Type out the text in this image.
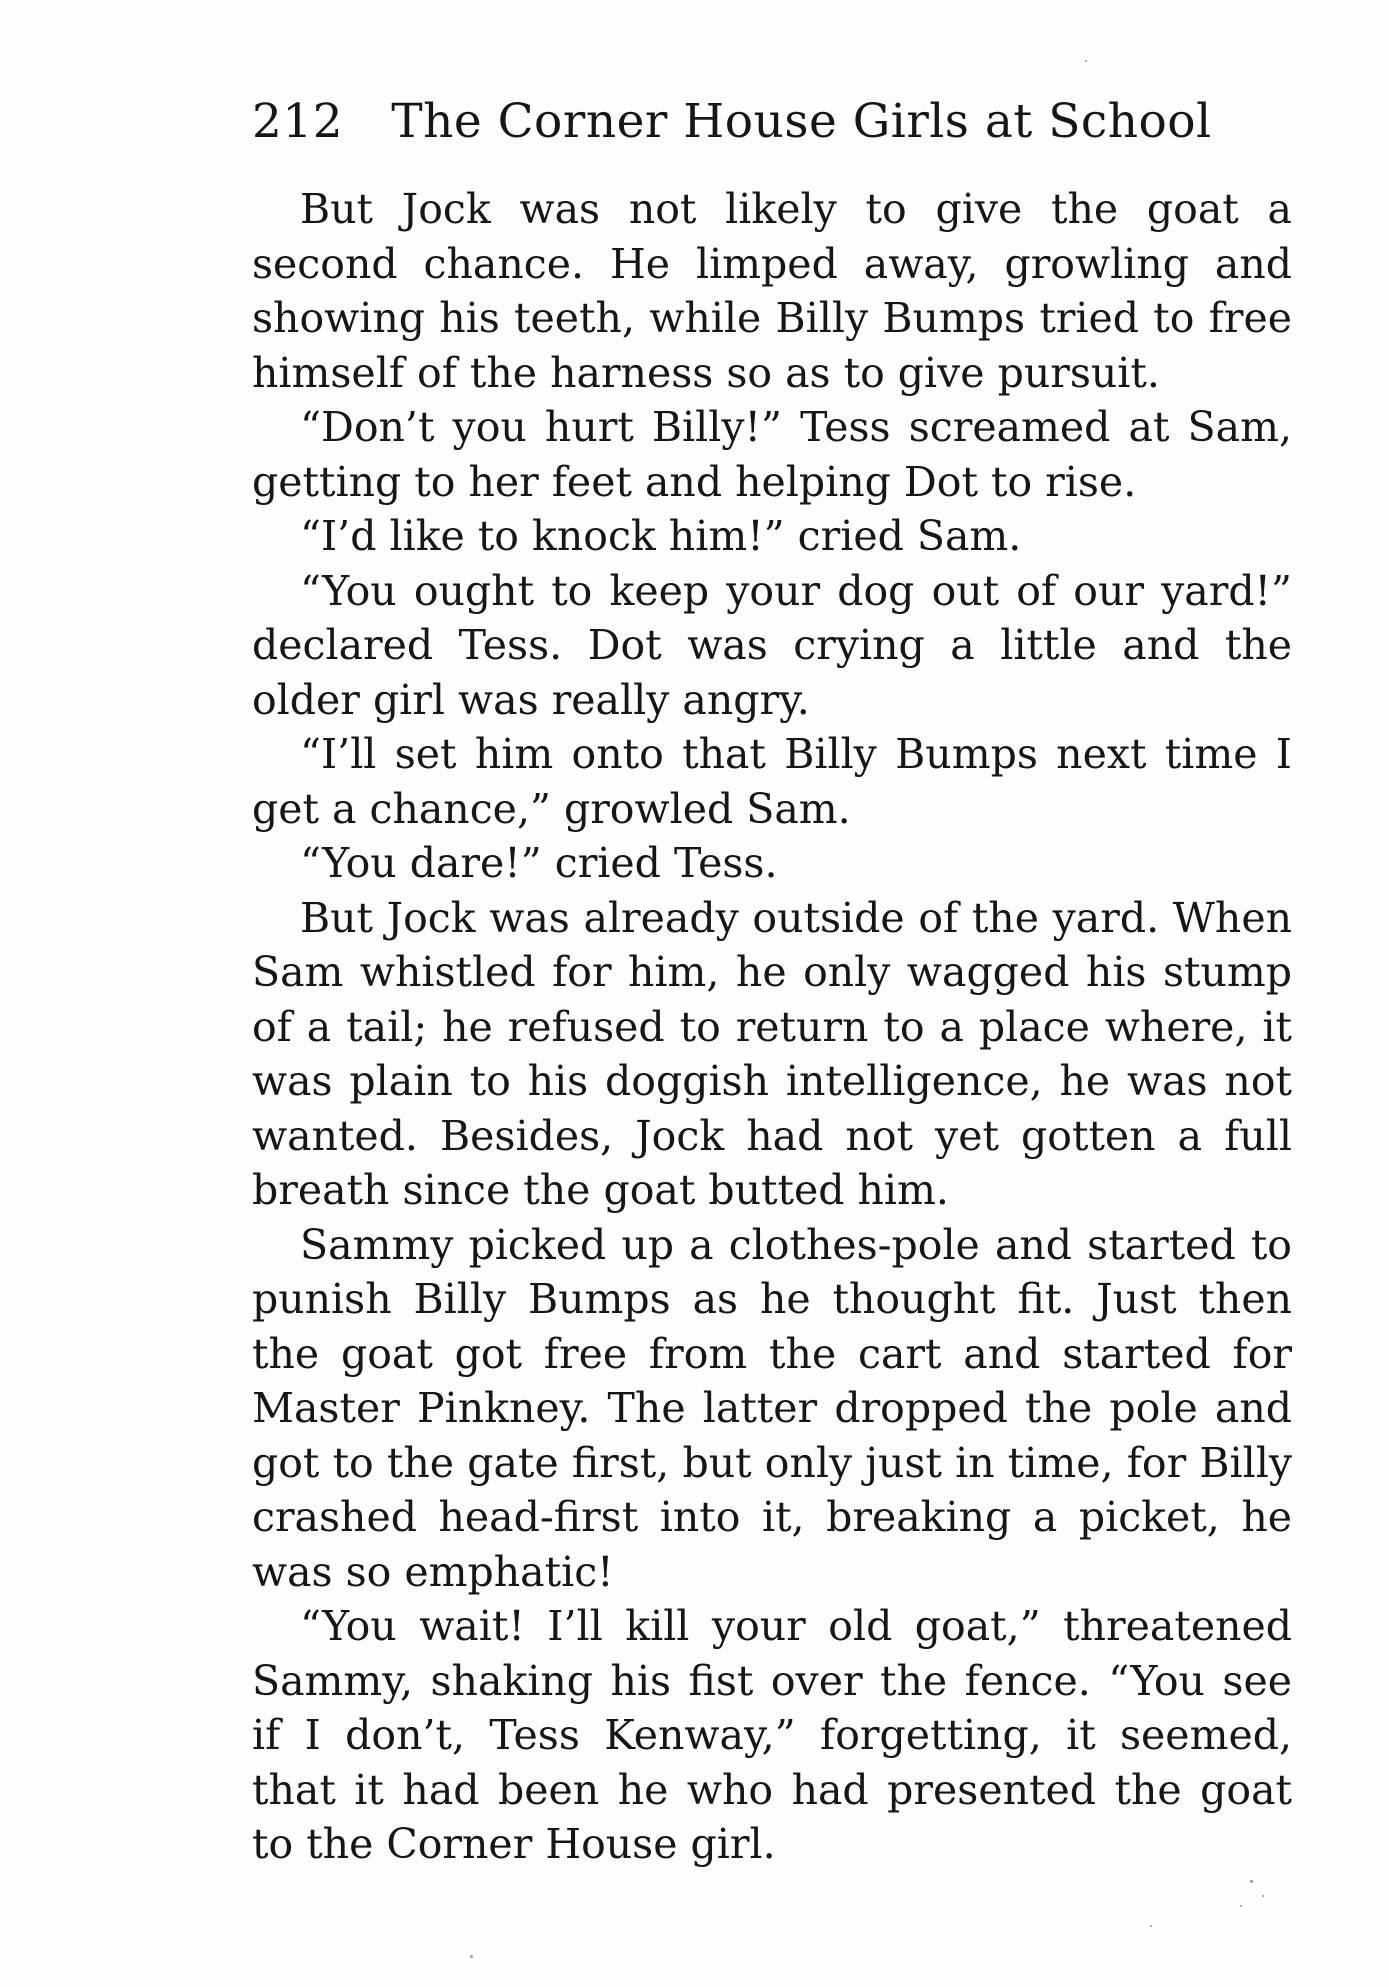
212 The Corner House Girls at School

But Jock was not likely to give the goat a second chance. He limped away, growling and showing his teeth, while Billy Bumps tried to free himself of the harness so as to give pursuit.

“Don’t you hurt Billy!” Tess screamed at Sam, getting to her feet and helping Dot to rise.

“I’d like to knock him!” cried Sam.

“You ought to keep your dog out of our yard!” declared Tess. Dot was crying a little and the older girl was really angry.

“I’ll set him onto that Billy Bumps next time I get a chance,” growled Sam.

“You dare!” cried Tess.

But Jock was already outside of the yard. When Sam whistled for him, he only wagged his stump of a tail; he refused to return to a place where, it was plain to his doggish intelligence, he was not wanted. Besides, Jock had not yet gotten a full breath since the goat butted him.

Sammy picked up a clothes-pole and started to punish Billy Bumps as he thought fit. Just then the goat got free from the cart and started for Master Pinkney. The latter dropped the pole and got to the gate first, but only just in time, for Billy crashed head-first into it, breaking a picket, he was so emphatic!

“You wait! I’ll kill your old goat,” threatened Sammy, shaking his fist over the fence. “You see if I don’t, Tess Kenway,” forgetting, it seemed, that it had been he who had presented the goat to the Corner House girl.
